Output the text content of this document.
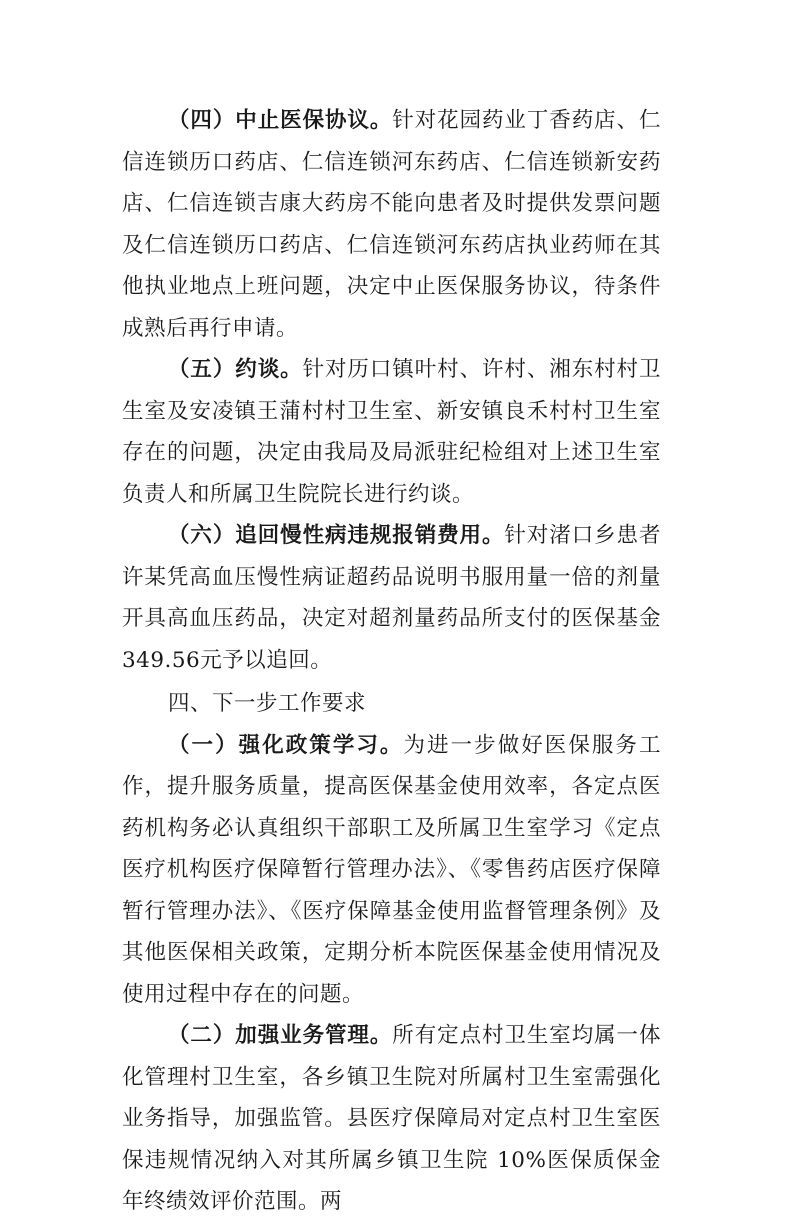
（四）中止医保协议。针对花园药业丁香药店、仁信连锁历口药店、仁信连锁河东药店、仁信连锁新安药店、仁信连锁吉康大药房不能向患者及时提供发票问题及仁信连锁历口药店、仁信连锁河东药店执业药师在其他执业地点上班问题，决定中止医保服务协议，待条件成熟后再行申请。

（五）约谈。针对历口镇叶村、许村、湘东村村卫生室及安凌镇王蒲村村卫生室、新安镇良禾村村卫生室存在的问题，决定由我局及局派驻纪检组对上述卫生室负责人和所属卫生院院长进行约谈。

（六）追回慢性病违规报销费用。针对渚口乡患者许某凭高血压慢性病证超药品说明书服用量一倍的剂量开具高血压药品，决定对超剂量药品所支付的医保基金349.56元予以追回。

四、下一步工作要求

（一）强化政策学习。为进一步做好医保服务工作，提升服务质量，提高医保基金使用效率，各定点医药机构务必认真组织干部职工及所属卫生室学习《定点医疗机构医疗保障暂行管理办法》、《零售药店医疗保障暂行管理办法》、《医疗保障基金使用监督管理条例》及其他医保相关政策，定期分析本院医保基金使用情况及使用过程中存在的问题。

（二）加强业务管理。所有定点村卫生室均属一体化管理村卫生室，各乡镇卫生院对所属村卫生室需强化业务指导，加强监管。县医疗保障局对定点村卫生室医保违规情况纳入对其所属乡镇卫生院 10%医保质保金年终绩效评价范围。两
